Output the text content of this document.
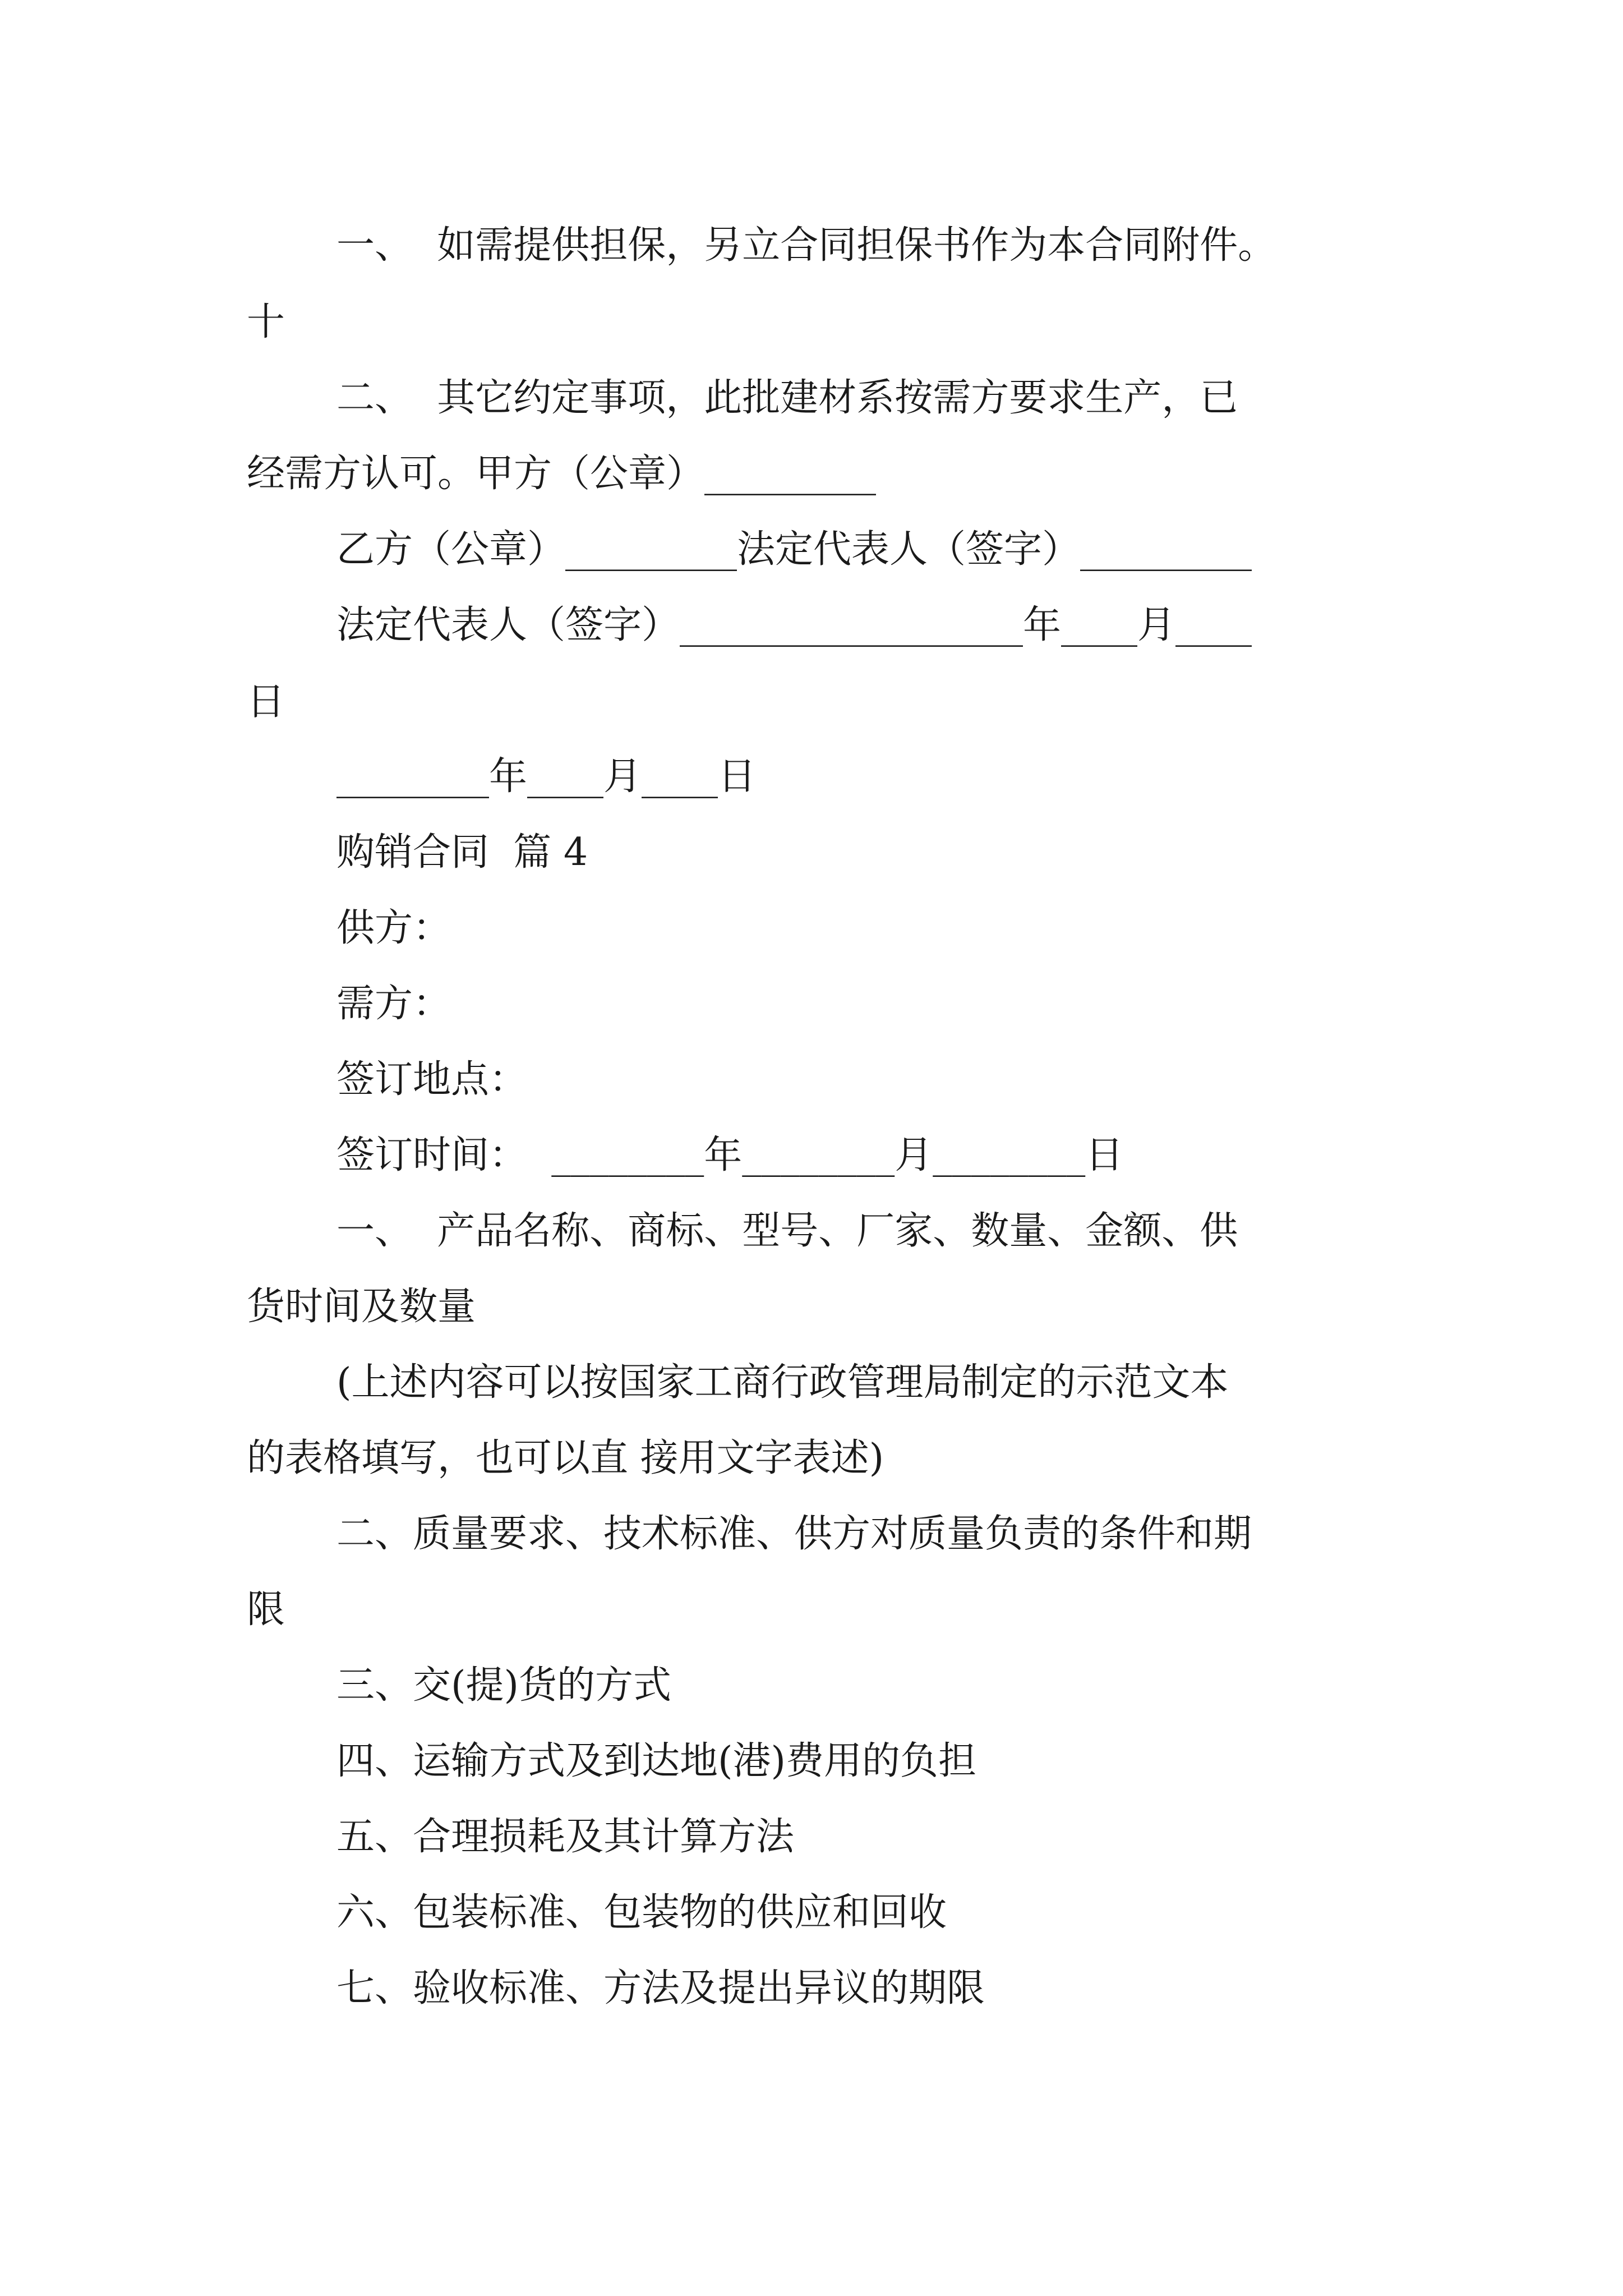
一、  如需提供担保，另立合同担保书作为本合同附件。
十
二、  其它约定事项，此批建材系按需方要求生产，已
经需方认可。甲方（公章）_________
乙方（公章）_________法定代表人（签字）_________
法定代表人（签字）__________________年____月____
日
________年____月____日
购销合同  篇 4
供方：
需方：
签订地点：
签订时间：  ________年________月________日
一、  产品名称、商标、型号、厂家、数量、金额、供
货时间及数量
(上述内容可以按国家工商行政管理局制定的示范文本
的表格填写，也可以直 接用文字表述)
二、质量要求、技术标准、供方对质量负责的条件和期
限
三、交(提)货的方式
四、运输方式及到达地(港)费用的负担
五、合理损耗及其计算方法
六、包装标准、包装物的供应和回收
七、验收标准、方法及提出异议的期限
